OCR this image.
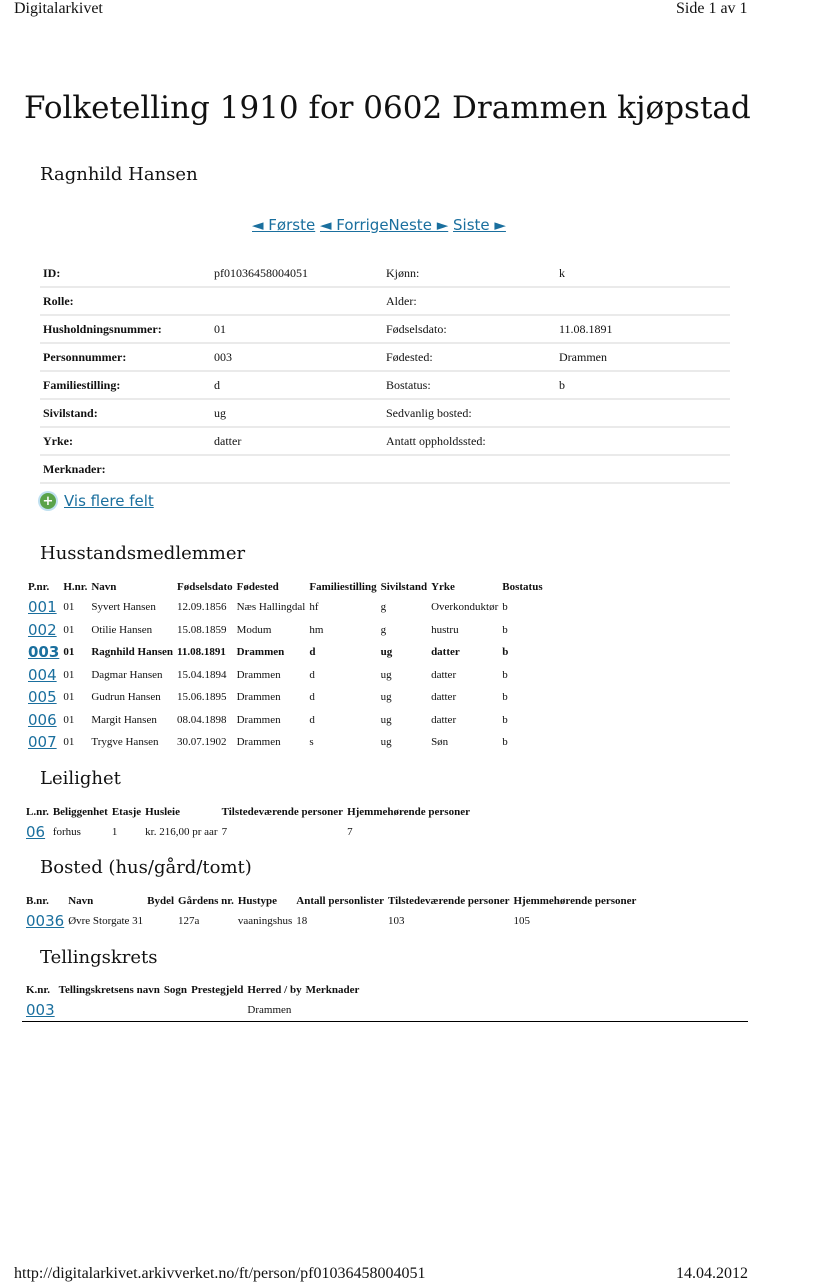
Digitalarkivet	Side 1 av 1
Folketelling 1910 for 0602 Drammen kjøpstad
Ragnhild Hansen
◄ Første ◄ ForrigeNeste ► Siste ►
ID:	pf01036458004051	Kjønn:	k
Rolle:		Alder:	
Husholdningsnummer:	01	Fødselsdato:	11.08.1891
Personnummer:	003	Fødested:	Drammen
Familiestilling:	d	Bostatus:	b
Sivilstand:	ug	Sedvanlig bosted:	
Yrke:	datter	Antatt oppholdssted:	
Merknader:			
+ Vis flere felt
Husstandsmedlemmer
P.nr.	H.nr.	Navn	Fødselsdato	Fødested	Familiestilling	Sivilstand	Yrke	Bostatus
001	01	Syvert Hansen	12.09.1856	Næs Hallingdal	hf	g	Overkonduktør	b
002	01	Otilie Hansen	15.08.1859	Modum	hm	g	hustru	b
003	01	Ragnhild Hansen	11.08.1891	Drammen	d	ug	datter	b
004	01	Dagmar Hansen	15.04.1894	Drammen	d	ug	datter	b
005	01	Gudrun Hansen	15.06.1895	Drammen	d	ug	datter	b
006	01	Margit Hansen	08.04.1898	Drammen	d	ug	datter	b
007	01	Trygve Hansen	30.07.1902	Drammen	s	ug	Søn	b
Leilighet
L.nr.	Beliggenhet	Etasje	Husleie	Tilstedeværende personer	Hjemmehørende personer
06	forhus	1	kr. 216,00 pr aar	7	7
Bosted (hus/gård/tomt)
B.nr.	Navn	Bydel	Gårdens nr.	Hustype	Antall personlister	Tilstedeværende personer	Hjemmehørende personer
0036	Øvre Storgate 31		127a	vaaningshus	18	103	105
Tellingskrets
K.nr.	Tellingskretsens navn	Sogn	Prestegjeld	Herred / by	Merknader
003				Drammen	
http://digitalarkivet.arkivverket.no/ft/person/pf01036458004051	14.04.2012
